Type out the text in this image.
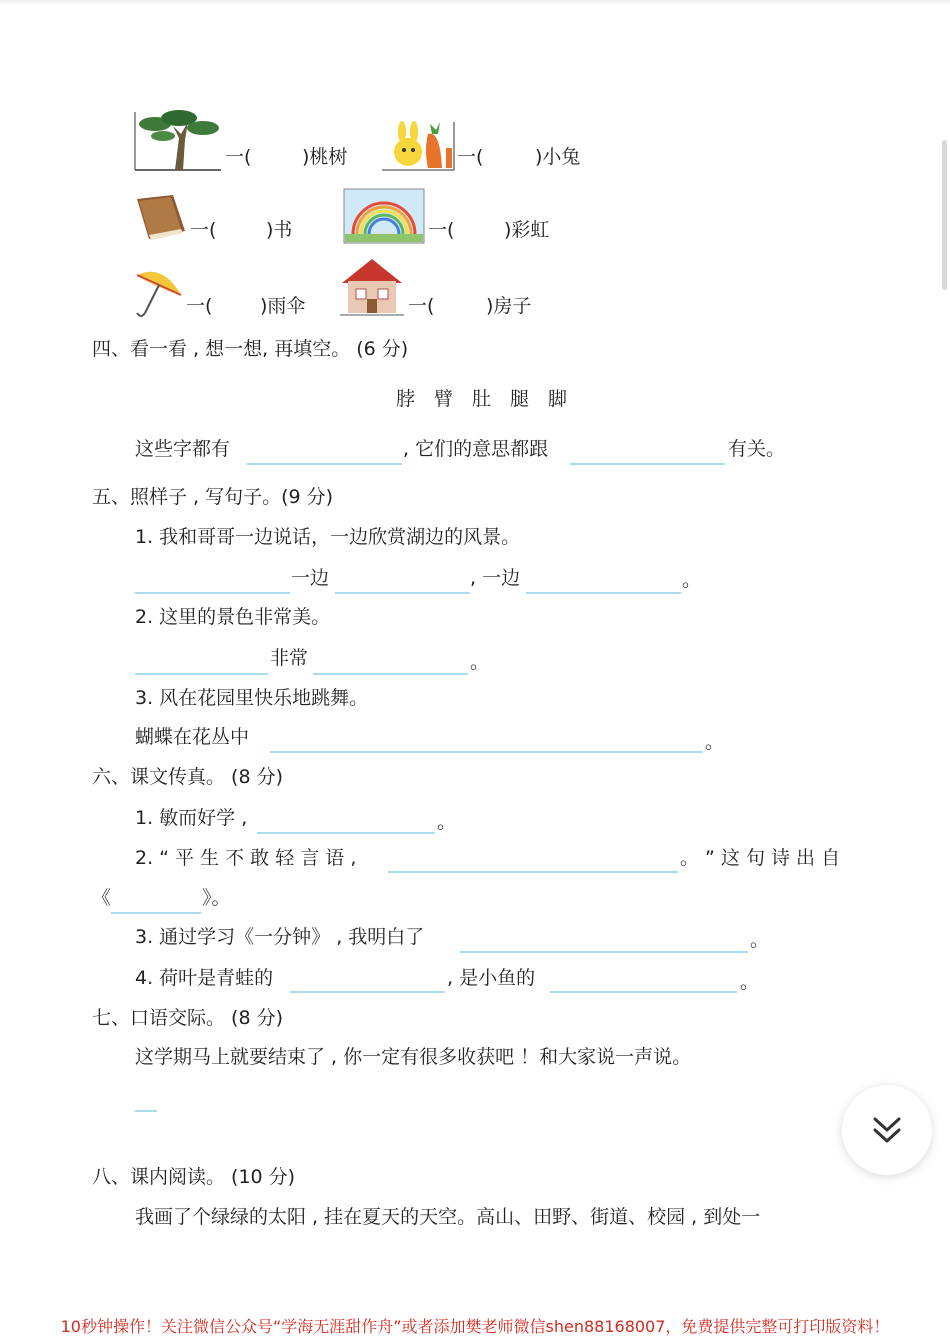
一(	)桃树	一(	)小兔
一(	)书	一(	)彩虹
一(	)雨伞	一(	)房子
四、看一看 , 想一想, 再填空。 (6 分)
脖　臂　肚　腿　脚
这些字都有	, 它们的意思都跟	有关。
五、照样子 , 写句子。(9 分)
1. 我和哥哥一边说话，一边欣赏湖边的风景。
一边	, 一边	。
2. 这里的景色非常美。
非常	。
3. 风在花园里快乐地跳舞。
蝴蝶在花丛中	。
六、课文传真。 (8 分)
1. 敏而好学 ,	。
2. “ 平 生 不 敢 轻 言 语 ,	。 ” 这 句 诗 出 自
《	》。
3. 通过学习《一分钟》 , 我明白了	。
4. 荷叶是青蛙的	, 是小鱼的	。
七、口语交际。 (8 分)
这学期马上就要结束了 , 你一定有很多收获吧 ！和大家说一声说。
八、课内阅读。 (10 分)
我画了个绿绿的太阳 , 挂在夏天的天空。高山、田野、街道、校园 , 到处一
10秒钟操作！关注微信公众号“学海无涯甜作舟”或者添加樊老师微信shen88168007，免费提供完整可打印版资料！
